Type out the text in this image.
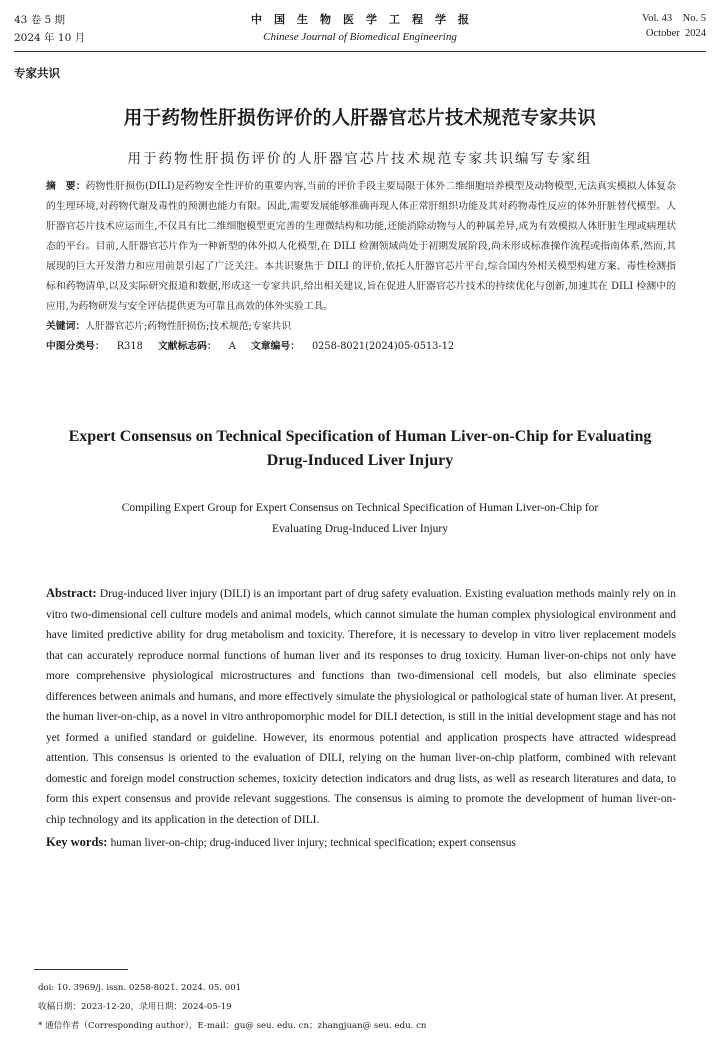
43 卷 5 期
2024 年 10 月
中国生物医学工程学报
Chinese Journal of Biomedical Engineering
Vol. 43    No. 5
October  2024
专家共识
用于药物性肝损伤评价的人肝器官芯片技术规范专家共识
用于药物性肝损伤评价的人肝器官芯片技术规范专家共识编写专家组

摘　要：药物性肝损伤(DILI)是药物安全性评价的重要内容,当前的评价手段主要局限于体外二维细胞培养模型及动物模型,无法真实模拟人体复杂的生理环境,对药物代谢及毒性的预测也能力有限。因此,需要发展能够准确再现人体正常肝组织功能及其对药物毒性反应的体外肝脏替代模型。人肝器官芯片技术应运而生,不仅具有比二维细胞模型更完善的生理微结构和功能,还能消除动物与人的种属差异,成为有效模拟人体肝脏生理或病理状态的平台。目前,人肝器官芯片作为一种新型的体外拟人化模型,在 DILI 检测领域尚处于初期发展阶段,尚未形成标准操作流程或指南体系,然而,其展现的巨大开发潜力和应用前景引起了广泛关注。本共识聚焦于 DILI 的评价,依托人肝器官芯片平台,综合国内外相关模型构建方案、毒性检测指标和药物清单,以及实际研究报道和数据,形成这一专家共识,给出相关建议,旨在促进人肝器官芯片技术的持续优化与创新,加速其在 DILI 检测中的应用,为药物研发与安全评估提供更为可靠且高效的体外实验工具。

关键词：人肝器官芯片;药物性肝损伤;技术规范;专家共识

中图分类号： R318 文献标志码： A 文章编号： 0258-8021(2024)05-0513-12

Expert Consensus on Technical Specification of Human Liver-on-Chip for Evaluating Drug-Induced Liver Injury
Compiling Expert Group for Expert Consensus on Technical Specification of Human Liver-on-Chip for Evaluating Drug-Induced Liver Injury

Abstract: Drug-induced liver injury (DILI) is an important part of drug safety evaluation. Existing evaluation methods mainly rely on in vitro two-dimensional cell culture models and animal models, which cannot simulate the human complex physiological environment and have limited predictive ability for drug metabolism and toxicity. Therefore, it is necessary to develop in vitro liver replacement models that can accurately reproduce normal functions of human liver and its responses to drug toxicity. Human liver-on-chips not only have more comprehensive physiological microstructures and functions than two-dimensional cell models, but also eliminate species differences between animals and humans, and more effectively simulate the physiological or pathological state of human liver. At present, the human liver-on-chip, as a novel in vitro anthropomorphic model for DILI detection, is still in the initial development stage and has not yet formed a unified standard or guideline. However, its enormous potential and application prospects have attracted widespread attention. This consensus is oriented to the evaluation of DILI, relying on the human liver-on-chip platform, combined with relevant domestic and foreign model construction schemes, toxicity detection indicators and drug lists, as well as research literatures and data, to form this expert consensus and provide relevant suggestions. The consensus is aiming to promote the development of human liver-on-chip technology and its application in the detection of DILI.

Key words: human liver-on-chip; drug-induced liver injury; technical specification; expert consensus

doi: 10. 3969/j. issn. 0258-8021. 2024. 05. 001

收稿日期：2023-12-20，录用日期：2024-05-19

* 通信作者（Corresponding author），E-mail：gu@ seu. edu. cn；zhangjuan@ seu. edu. cn
